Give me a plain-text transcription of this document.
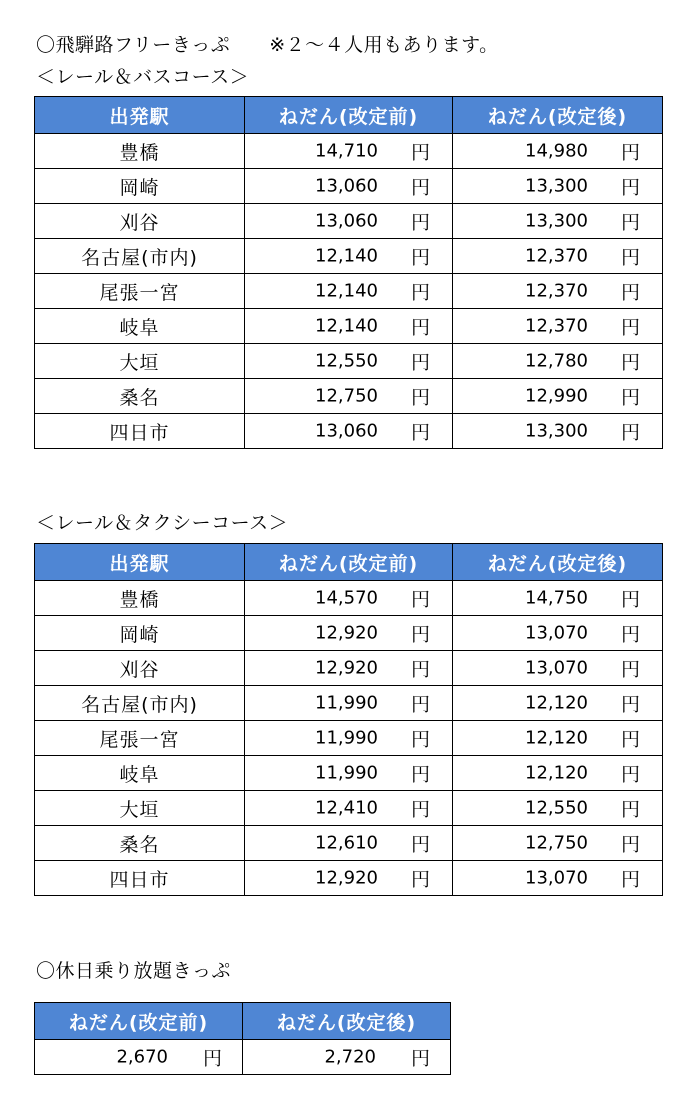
〇飛騨路フリーきっぷ　　※２～４人用もあります。
＜レール＆バスコース＞
出発駅	ねだん(改定前)	ねだん(改定後)
豊橋	14,710 円	14,980 円

岡崎	13,060 円	13,300 円

刈谷	13,060 円	13,300 円

名古屋(市内)	12,140 円	12,370 円

尾張一宮	12,140 円	12,370 円

岐阜	12,140 円	12,370 円

大垣	12,550 円	12,780 円

桑名	12,750 円	12,990 円

四日市	13,060 円	13,300 円
＜レール＆タクシーコース＞
出発駅	ねだん(改定前)	ねだん(改定後)
豊橋	14,570 円	14,750 円

岡崎	12,920 円	13,070 円

刈谷	12,920 円	13,070 円

名古屋(市内)	11,990 円	12,120 円

尾張一宮	11,990 円	12,120 円

岐阜	11,990 円	12,120 円

大垣	12,410 円	12,550 円

桑名	12,610 円	12,750 円

四日市	12,920 円	13,070 円
〇休日乗り放題きっぷ
ねだん(改定前)	ねだん(改定後)

2,670 円	2,720 円
